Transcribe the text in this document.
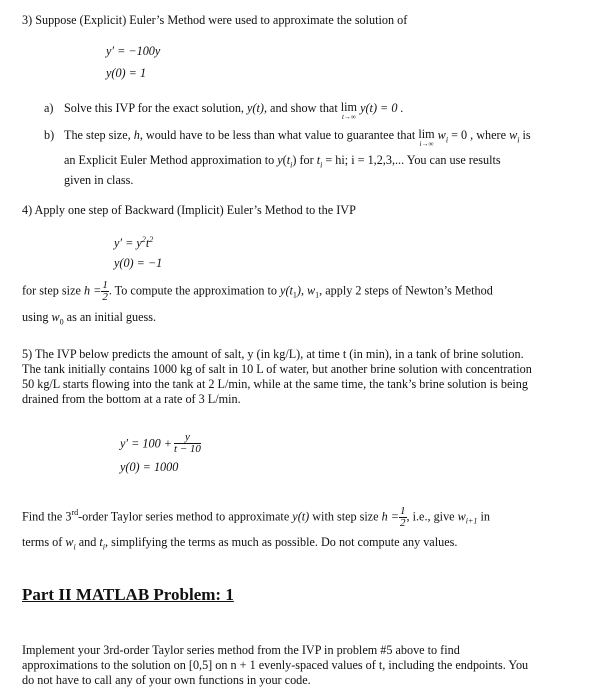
3) Suppose (Explicit) Euler’s Method were used to approximate the solution of
y′ = −100y
y(0) = 1
a) Solve this IVP for the exact solution, y(t), and show that lim
t→∞
y(t) = 0 .
b) The step size, h, would have to be less than what value to guarantee that lim
i→∞
$w_i = 0$ , where $w_i$ is
an Explicit Euler Method approximation to $y(t_i)$ for $t_i$ = hi; i = 1,2,3,... You can use results
given in class.
4) Apply one step of Backward (Implicit) Euler’s Method to the IVP
$y' = y^2t^2$
y(0) = −1
for step size $h = \frac{1}{2}$ . To compute the approximation to $y(t_1)$, $w_1$, apply 2 steps of Newton’s Method
using $w_0$ as an initial guess.
5) The IVP below predicts the amount of salt, y (in kg/L), at time t (in min), in a tank of brine solution.
The tank initially contains 1000 kg of salt in 10 L of water, but another brine solution with concentration
50 kg/L starts flowing into the tank at 2 L/min, while at the same time, the tank’s brine solution is being
drained from the bottom at a rate of 3 L/min.
$y' = 100 + \frac{y}{t - 10}$
y(0) = 1000
Find the 3rd-order Taylor series method to approximate y(t) with step size $h = \frac{1}{2}$ , i.e., give $w_{i+1}$ in
terms of $w_i$ and $t_i$, simplifying the terms as much as possible. Do not compute any values.
Part II MATLAB Problem: 1
Implement your 3rd-order Taylor series method from the IVP in problem #5 above to find
approximations to the solution on [0,5] on n + 1 evenly-spaced values of t, including the endpoints. You
do not have to call any of your own functions in your code.
